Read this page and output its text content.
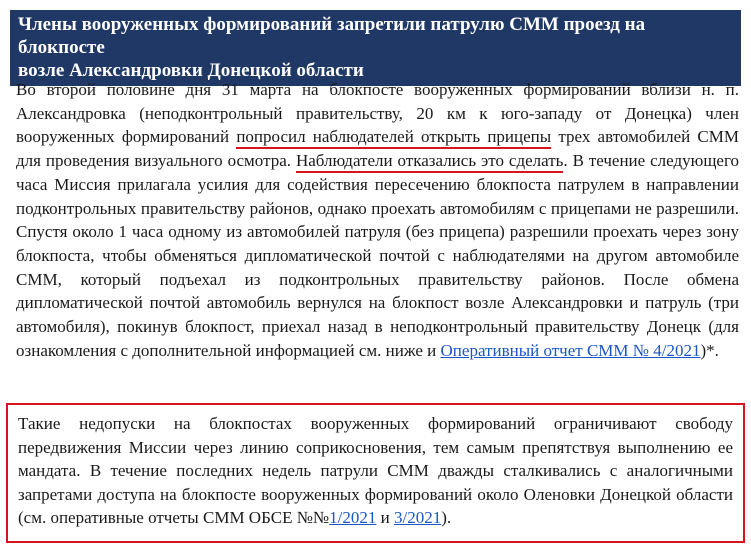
Члены вооруженных формирований запретили патрулю СММ проезд на блокпосте
возле Александровки Донецкой области
Во второй половине дня 31 марта на блокпосте вооруженных формирований вблизи н. п. Александровка (неподконтрольный правительству, 20 км к юго-западу от Донецка) член вооруженных формирований попросил наблюдателей открыть прицепы трех автомобилей СММ для проведения визуального осмотра. Наблюдатели отказались это сделать. В течение следующего часа Миссия прилагала усилия для содействия пересечению блокпоста патрулем в направлении подконтрольных правительству районов, однако проехать автомобилям с прицепами не разрешили. Спустя около 1 часа одному из автомобилей патруля (без прицепа) разрешили проехать через зону блокпоста, чтобы обменяться дипломатической почтой с наблюдателями на другом автомобиле СММ, который подъехал из подконтрольных правительству районов. После обмена дипломатической почтой автомобиль вернулся на блокпост возле Александровки и патруль (три автомобиля), покинув блокпост, приехал назад в неподконтрольный правительству Донецк (для ознакомления с дополнительной информацией см. ниже и Оперативный отчет СММ № 4/2021)*.
Такие недопуски на блокпостах вооруженных формирований ограничивают свободу передвижения Миссии через линию соприкосновения, тем самым препятствуя выполнению ее мандата. В течение последних недель патрули СММ дважды сталкивались с аналогичными запретами доступа на блокпосте вооруженных формирований около Оленовки Донецкой области (см. оперативные отчеты СММ ОБСЕ №№1/2021 и 3/2021).
